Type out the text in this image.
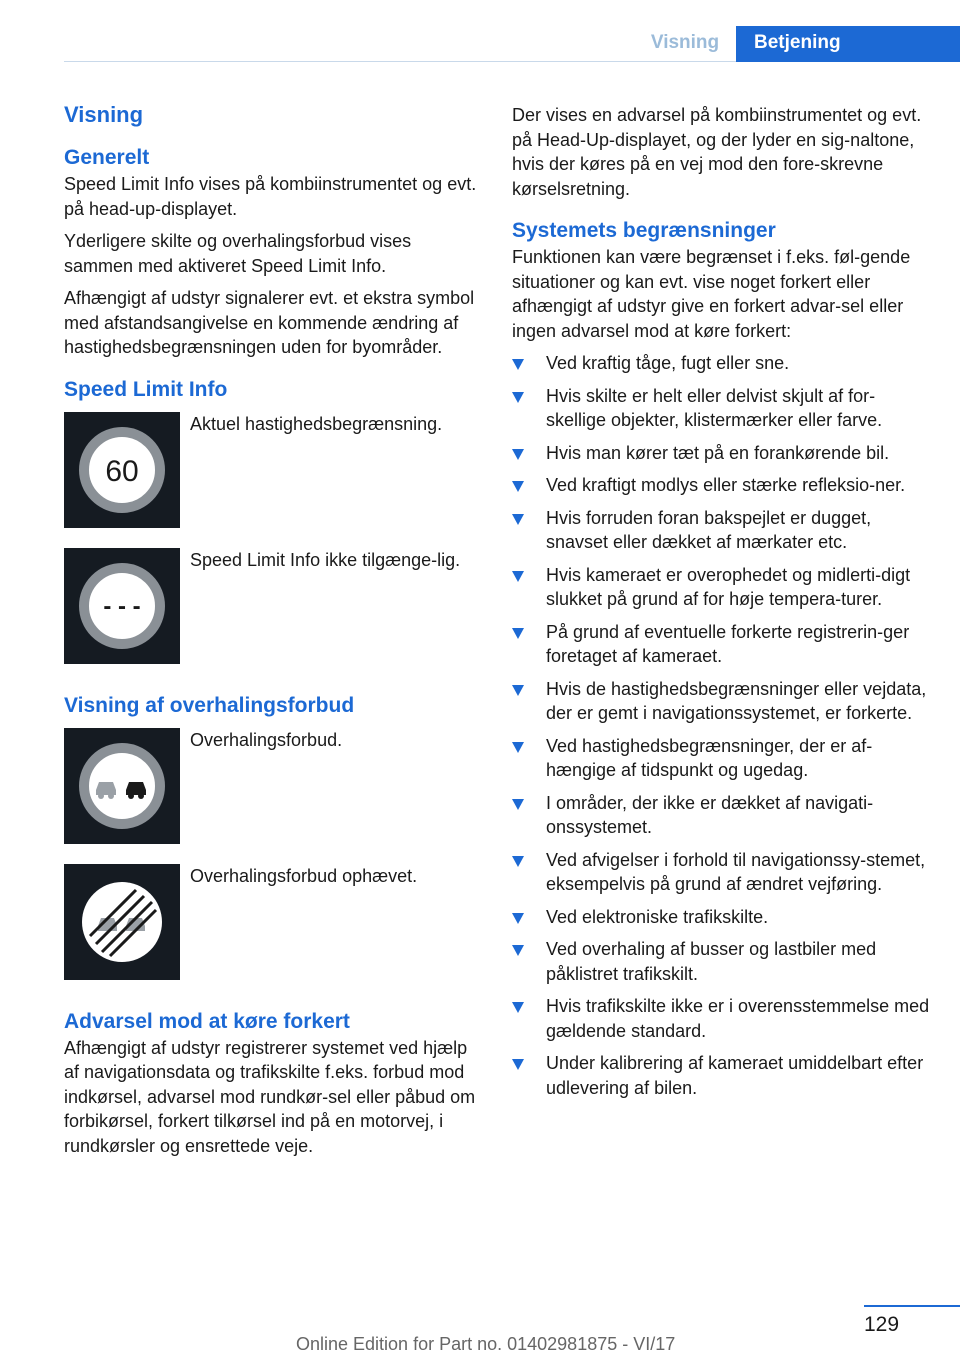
Visning	Betjening
Visning
Generelt

Speed Limit Info vises på kombiinstrumentet og evt. på head-up-displayet.

Yderligere skilte og overhalingsforbud vises sammen med aktiveret Speed Limit Info.

Afhængigt af udstyr signalerer evt. et ekstra symbol med afstandsangivelse en kommende ændring af hastighedsbegrænsningen uden for byområder.

Speed Limit Info
60
Aktuel hastighedsbegrænsning.
- - -
Speed Limit Info ikke tilgænge-lig.
Visning af overhalingsforbud
Overhalingsforbud.
Overhalingsforbud ophævet.
Advarsel mod at køre forkert

Afhængigt af udstyr registrerer systemet ved hjælp af navigationsdata og trafikskilte f.eks. forbud mod indkørsel, advarsel mod rundkør-sel eller påbud om forbikørsel, forkert tilkørsel ind på en motorvej, i rundkørsler og ensrettede veje.

Der vises en advarsel på kombiinstrumentet og evt. på Head-Up-displayet, og der lyder en sig-naltone, hvis der køres på en vej mod den fore-skrevne kørselsretning.

Systemets begrænsninger

Funktionen kan være begrænset i f.eks. føl-gende situationer og kan evt. vise noget forkert eller afhængigt af udstyr give en forkert advar-sel eller ingen advarsel mod at køre forkert:

Ved kraftig tåge, fugt eller sne.
Hvis skilte er helt eller delvist skjult af for-skellige objekter, klistermærker eller farve.
Hvis man kører tæt på en forankørende bil.
Ved kraftigt modlys eller stærke refleksio-ner.
Hvis forruden foran bakspejlet er dugget, snavset eller dækket af mærkater etc.
Hvis kameraet er overophedet og midlerti-digt slukket på grund af for høje tempera-turer.
På grund af eventuelle forkerte registrerin-ger foretaget af kameraet.
Hvis de hastighedsbegrænsninger eller vejdata, der er gemt i navigationssystemet, er forkerte.
Ved hastighedsbegrænsninger, der er af-hængige af tidspunkt og ugedag.
I områder, der ikke er dækket af navigati-onssystemet.
Ved afvigelser i forhold til navigationssy-stemet, eksempelvis på grund af ændret vejføring.
Ved elektroniske trafikskilte.
Ved overhaling af busser og lastbiler med påklistret trafikskilt.
Hvis trafikskilte ikke er i overensstemmelse med gældende standard.
Under kalibrering af kameraet umiddelbart efter udlevering af bilen.
129
Online Edition for Part no. 01402981875 - VI/17
